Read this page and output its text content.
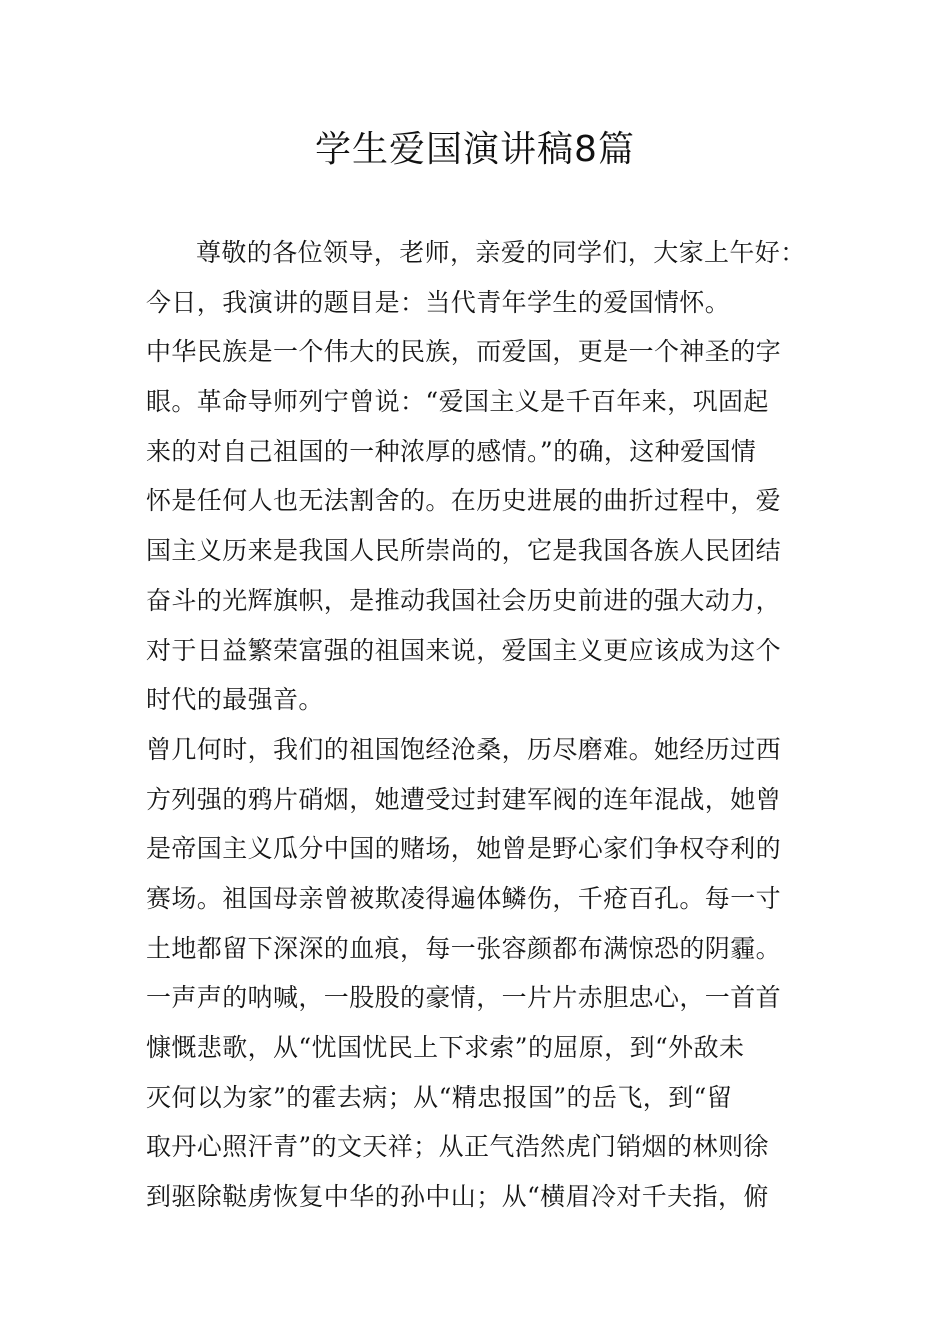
学生爱国演讲稿8篇
尊敬的各位领导，老师，亲爱的同学们，大家上午好：
今日，我演讲的题目是：当代青年学生的爱国情怀。
中华民族是一个伟大的民族，而爱国，更是一个神圣的字
眼。革命导师列宁曾说：“爱国主义是千百年来，巩固起
来的对自己祖国的一种浓厚的感情。”的确，这种爱国情
怀是任何人也无法割舍的。在历史进展的曲折过程中，爱
国主义历来是我国人民所崇尚的，它是我国各族人民团结
奋斗的光辉旗帜，是推动我国社会历史前进的强大动力，
对于日益繁荣富强的祖国来说，爱国主义更应该成为这个
时代的最强音。
曾几何时，我们的祖国饱经沧桑，历尽磨难。她经历过西
方列强的鸦片硝烟，她遭受过封建军阀的连年混战，她曾
是帝国主义瓜分中国的赌场，她曾是野心家们争权夺利的
赛场。祖国母亲曾被欺凌得遍体鳞伤，千疮百孔。每一寸
土地都留下深深的血痕，每一张容颜都布满惊恐的阴霾。
一声声的呐喊，一股股的豪情，一片片赤胆忠心，一首首
慷慨悲歌，从“忧国忧民上下求索”的屈原，到“外敌未
灭何以为家”的霍去病；从“精忠报国”的岳飞，到“留
取丹心照汗青”的文天祥；从正气浩然虎门销烟的林则徐
到驱除鞑虏恢复中华的孙中山；从“横眉冷对千夫指，俯
